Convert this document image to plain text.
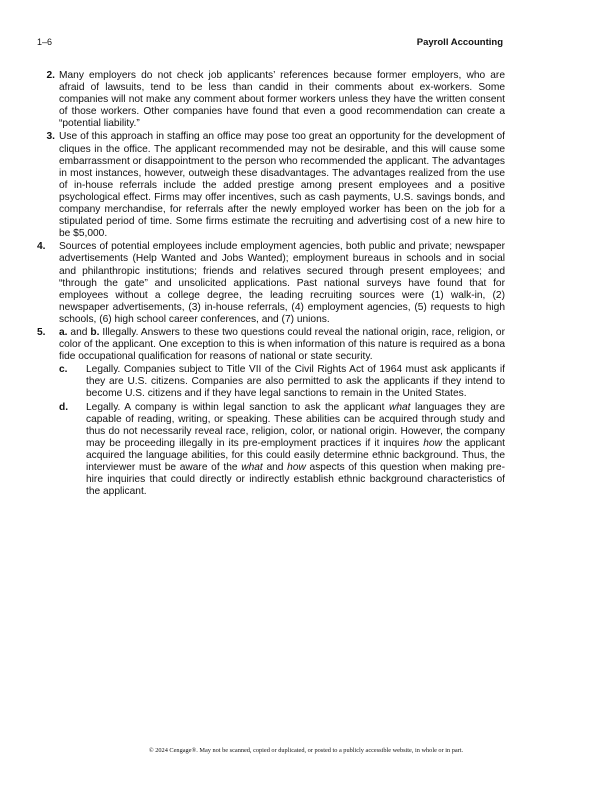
1–6	Payroll Accounting
2. Many employers do not check job applicants’ references because former employers, who are afraid of lawsuits, tend to be less than candid in their comments about ex-workers. Some companies will not make any comment about former workers unless they have the written consent of those workers. Other companies have found that even a good recommendation can create a “potential liability.”
3. Use of this approach in staffing an office may pose too great an opportunity for the development of cliques in the office. The applicant recommended may not be desirable, and this will cause some embarrassment or disappointment to the person who recommended the applicant. The advantages in most instances, however, outweigh these disadvantages. The advantages realized from the use of in-house referrals include the added prestige among present employees and a positive psychological effect. Firms may offer incentives, such as cash payments, U.S. savings bonds, and company merchandise, for referrals after the newly employed worker has been on the job for a stipulated period of time. Some firms estimate the recruiting and advertising cost of a new hire to be $5,000.
4.	Sources of potential employees include employment agencies, both public and private; newspaper advertisements (Help Wanted and Jobs Wanted); employment bureaus in schools and in social and philanthropic institutions; friends and relatives secured through present employees; and “through the gate” and unsolicited applications. Past national surveys have found that for employees without a college degree, the leading recruiting sources were (1) walk-in, (2) newspaper advertisements, (3) in-house referrals, (4) employment agencies, (5) requests to high schools, (6) high school career conferences, and (7) unions.
5.	a. and b. Illegally. Answers to these two questions could reveal the national origin, race, religion, or color of the applicant. One exception to this is when information of this nature is required as a bona fide occupational qualification for reasons of national or state security.
c.	Legally. Companies subject to Title VII of the Civil Rights Act of 1964 must ask applicants if they are U.S. citizens. Companies are also permitted to ask the applicants if they intend to become U.S. citizens and if they have legal sanctions to remain in the United States.
d.	Legally. A company is within legal sanction to ask the applicant what languages they are capable of reading, writing, or speaking. These abilities can be acquired through study and thus do not necessarily reveal race, religion, color, or national origin. However, the company may be proceeding illegally in its pre-employment practices if it inquires how the applicant acquired the language abilities, for this could easily determine ethnic background. Thus, the interviewer must be aware of the what and how aspects of this question when making pre-hire inquiries that could directly or indirectly establish ethnic background characteristics of the applicant.
© 2024 Cengage®. May not be scanned, copied or duplicated, or posted to a publicly accessible website, in whole or in part.
